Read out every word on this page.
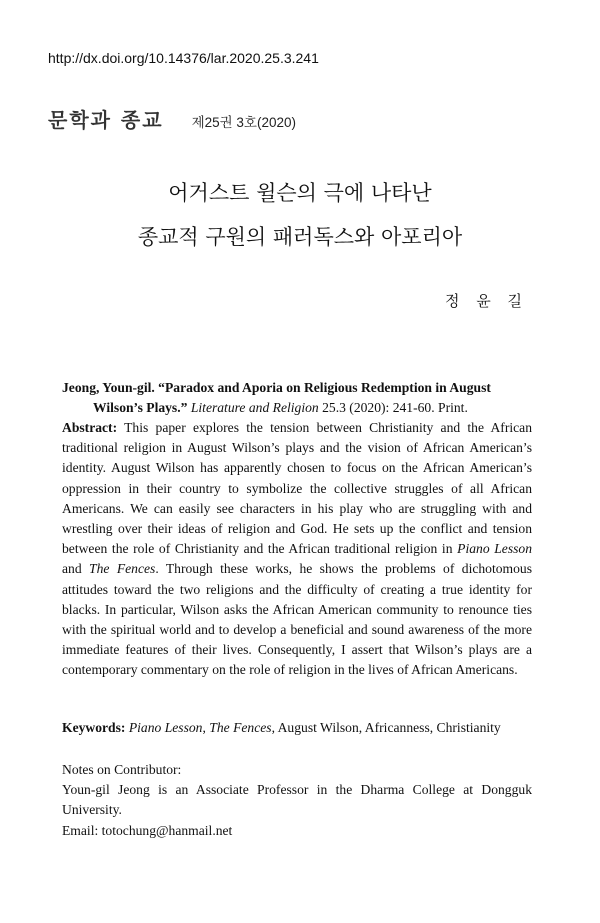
http://dx.doi.org/10.14376/lar.2020.25.3.241
문학과 종교 제25권 3호(2020)
어거스트 윌슨의 극에 나타난
종교적 구원의 패러독스와 아포리아
정 윤 길
Jeong, Youn-gil. “Paradox and Aporia on Religious Redemption in August
Wilson’s Plays.” Literature and Religion 25.3 (2020): 241-60. Print.
Abstract: This paper explores the tension between Christianity and the African traditional religion in August Wilson’s plays and the vision of African American’s identity. August Wilson has apparently chosen to focus on the African American’s oppression in their country to symbolize the collective struggles of all African Americans. We can easily see characters in his play who are struggling with and wrestling over their ideas of religion and God. He sets up the conflict and tension between the role of Christianity and the African traditional religion in Piano Lesson and The Fences. Through these works, he shows the problems of dichotomous attitudes toward the two religions and the difficulty of creating a true identity for blacks. In particular, Wilson asks the African American community to renounce ties with the spiritual world and to develop a beneficial and sound awareness of the more immediate features of their lives. Consequently, I assert that Wilson’s plays are a contemporary commentary on the role of religion in the lives of African Americans.
Keywords: Piano Lesson, The Fences, August Wilson, Africanness, Christianity
Notes on Contributor:
Youn-gil Jeong is an Associate Professor in the Dharma College at Dongguk University.
Email: totochung@hanmail.net
